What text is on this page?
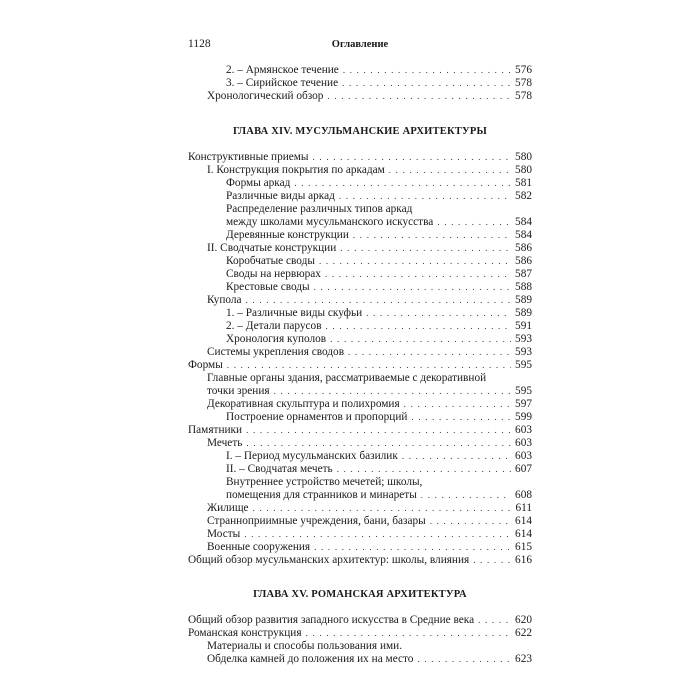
1128	Оглавление
2. – Армянское течение . . .	576
3. – Сирийское течение . . .	578
Хронологический обзор . . .	578
ГЛАВА XIV. МУСУЛЬМАНСКИЕ АРХИТЕКТУРЫ
Конструктивные приемы . . .	580
I. Конструкция покрытия по аркадам . . .	580
Формы аркад . . .	581
Различные виды аркад . . .	582
Распределение различных типов аркад
между школами мусульманского искусства . . .	584
Деревянные конструкции . . .	584
II. Сводчатые конструкции . . .	586
Коробчатые своды . . .	586
Своды на нервюрах . . .	587
Крестовые своды . . .	588
Купола . . .	589
1. – Различные виды скуфьи . . .	589
2. – Детали парусов . . .	591
Хронология куполов . . .	593
Системы укрепления сводов . . .	593
Формы . . .	595
Главные органы здания, рассматриваемые с декоративной
точки зрения . . .	595
Декоративная скульптура и полихромия . . .	597
Построение орнаментов и пропорций . . .	599
Памятники . . .	603
Мечеть . . .	603
I. – Период мусульманских базилик . . .	603
II. – Сводчатая мечеть . . .	607
Внутреннее устройство мечетей; школы,
помещения для странников и минареты . . .	608
Жилище . . .	611
Странноприимные учреждения, бани, базары . . .	614
Мосты . . .	614
Военные сооружения . . .	615
Общий обзор мусульманских архитектур: школы, влияния . . .	616
ГЛАВА XV. РОМАНСКАЯ АРХИТЕКТУРА
Общий обзор развития западного искусства в Средние века . . .	620
Романская конструкция . . .	622
Материалы и способы пользования ими.
Обделка камней до положения их на место . . .	623
